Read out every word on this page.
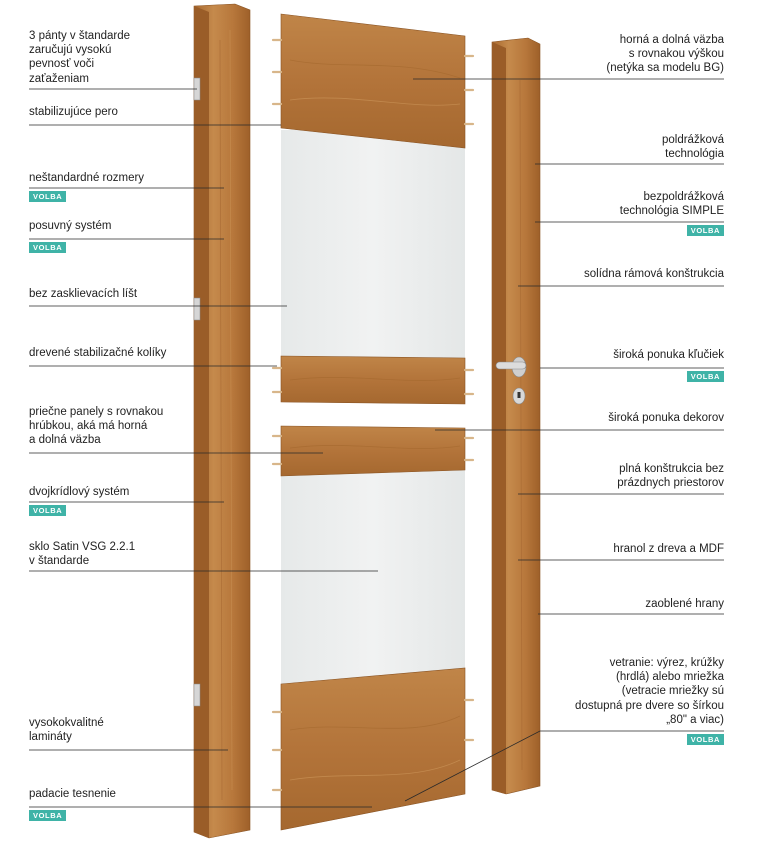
3 pánty v štandarde
zaručujú vysokú
pevnosť voči
zaťaženiam
stabilizujúce pero
neštandardné rozmery
VOLBA
posuvný systém
VOLBA
bez zasklievacích líšt
drevené stabilizačné kolíky
priečne panely s rovnakou
hrúbkou, aká má horná
a dolná väzba
dvojkrídlový systém
VOLBA
sklo Satin VSG 2.2.1
v štandarde
vysokokvalitné
lamináty
padacie tesnenie
VOLBA
horná a dolná väzba
s rovnakou výškou
(netýka sa modelu BG)
poldrážková
technológia
bezpoldrážková
technológia SIMPLE
VOLBA
solídna rámová konštrukcia
široká ponuka kľučiek
VOLBA
široká ponuka dekorov
plná konštrukcia bez
prázdnych priestorov
hranol z dreva a MDF
zaoblené hrany
vetranie: výrez, krúžky
(hrdlá) alebo mriežka
(vetracie mriežky sú
dostupná pre dvere so šírkou
„80" a viac)
VOLBA
